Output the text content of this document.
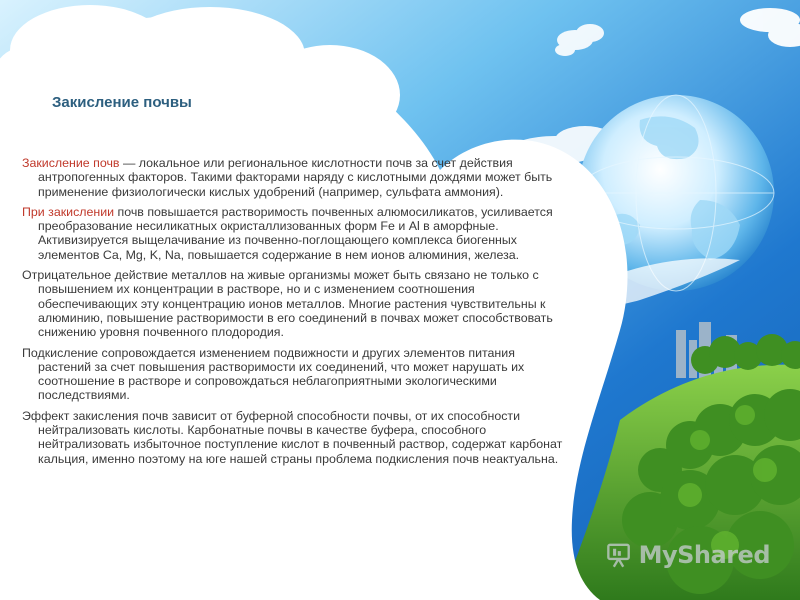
Закисление почвы

Закисление почв — локальное или региональное кислотности почв за счет действия антропогенных факторов. Такими факторами наряду с кислотными дождями может быть применение физиологически кислых удобрений (например, сульфата аммония).

При закислении почв повышается растворимость почвенных алюмосиликатов, усиливается преобразование несиликатных окристаллизованных форм Fe и Al в аморфные. Активизируется выщелачивание из почвенно-поглощающего комплекса биогенных элементов Ca, Mg, K, Na, повышается содержание в нем ионов алюминия, железа.

Отрицательное действие металлов на живые организмы может быть связано не только с повышением их концентрации в растворе, но и с изменением соотношения обеспечивающих эту концентрацию ионов металлов. Многие растения чувствительны к алюминию, повышение растворимости в его соединений в почвах может способствовать снижению уровня почвенного плодородия.

Подкисление сопровождается изменением подвижности и других элементов питания растений за счет повышения растворимости их соединений, что может нарушать их соотношение в растворе и сопровождаться неблагоприятными экологическими последствиями.

Эффект закисления почв зависит от буферной способности почвы, от их способности нейтрализовать кислоты. Карбонатные почвы в качестве буфера, способного нейтрализовать избыточное поступление кислот в почвенный раствор, содержат карбонат кальция, именно поэтому на юге нашей страны проблема подкисления почв неактуальна.

MyShared
